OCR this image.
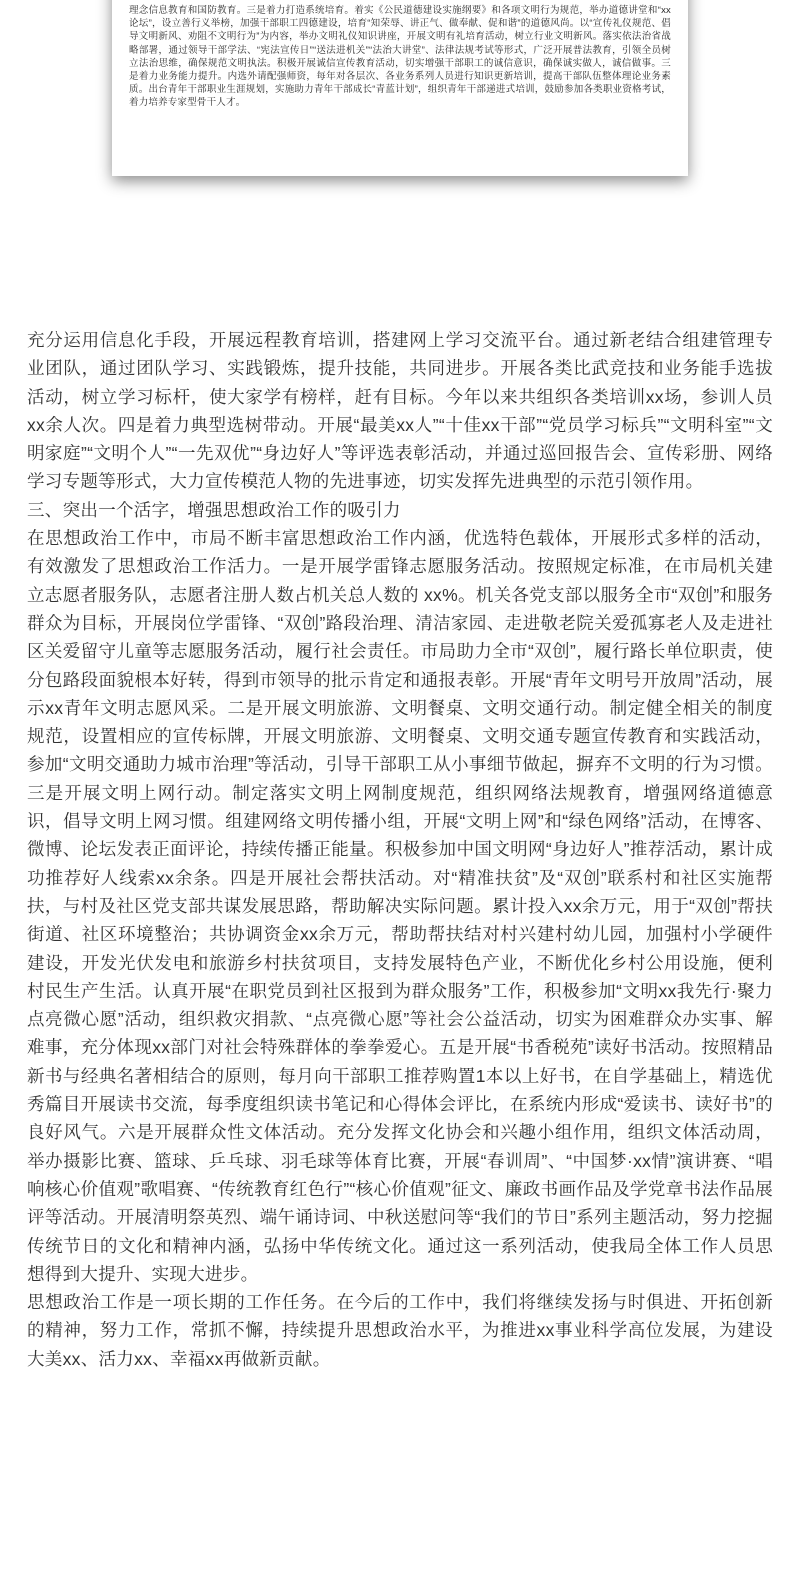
理念信息教育和国防教育。三是着力打造系统培育。着实《公民道德建设实施纲要》和各项文明行为规范，举办道德讲堂和“xx论坛”，设立善行义举榜，加强干部职工四德建设，培育“知荣辱、讲正气、做奉献、促和谐”的道德风尚。以“宣传礼仪规范、倡导文明新风、劝阻不文明行为”为内容，举办文明礼仪知识讲座，开展文明有礼培育活动，树立行业文明新风。落实依法治省战略部署，通过领导干部学法、“宪法宣传日”“送法进机关”“法治大讲堂”、法律法规考试等形式，广泛开展普法教育，引领全员树立法治思维，确保规范文明执法。积极开展诚信宣传教育活动，切实增强干部职工的诚信意识，确保诚实做人，诚信做事。三是着力业务能力提升。内选外请配强师资，每年对各层次、各业务系列人员进行知识更新培训，提高干部队伍整体理论业务素质。出台青年干部职业生涯规划，实施助力青年干部成长“青蓝计划”，组织青年干部递进式培训，鼓励参加各类职业资格考试，着力培养专家型骨干人才。

充分运用信息化手段，开展远程教育培训，搭建网上学习交流平台。通过新老结合组建管理专业团队，通过团队学习、实践锻炼，提升技能，共同进步。开展各类比武竞技和业务能手选拔活动，树立学习标杆，使大家学有榜样，赶有目标。今年以来共组织各类培训xx场，参训人员xx余人次。四是着力典型选树带动。开展“最美xx人”“十佳xx干部”“党员学习标兵”“文明科室”“文明家庭”“文明个人”“一先双优”“身边好人”等评选表彰活动，并通过巡回报告会、宣传彩册、网络学习专题等形式，大力宣传模范人物的先进事迹，切实发挥先进典型的示范引领作用。

三、突出一个活字，增强思想政治工作的吸引力

在思想政治工作中，市局不断丰富思想政治工作内涵，优选特色载体，开展形式多样的活动，有效激发了思想政治工作活力。一是开展学雷锋志愿服务活动。按照规定标准，在市局机关建立志愿者服务队，志愿者注册人数占机关总人数的 xx%。机关各党支部以服务全市“双创”和服务群众为目标，开展岗位学雷锋、“双创”路段治理、清洁家园、走进敬老院关爱孤寡老人及走进社区关爱留守儿童等志愿服务活动，履行社会责任。市局助力全市“双创”，履行路长单位职责，使分包路段面貌根本好转，得到市领导的批示肯定和通报表彰。开展“青年文明号开放周”活动，展示xx青年文明志愿风采。二是开展文明旅游、文明餐桌、文明交通行动。制定健全相关的制度规范，设置相应的宣传标牌，开展文明旅游、文明餐桌、文明交通专题宣传教育和实践活动，参加“文明交通助力城市治理”等活动，引导干部职工从小事细节做起，摒弃不文明的行为习惯。三是开展文明上网行动。制定落实文明上网制度规范，组织网络法规教育，增强网络道德意识，倡导文明上网习惯。组建网络文明传播小组，开展“文明上网”和“绿色网络”活动，在博客、微博、论坛发表正面评论，持续传播正能量。积极参加中国文明网“身边好人”推荐活动，累计成功推荐好人线索xx余条。四是开展社会帮扶活动。对“精准扶贫”及“双创”联系村和社区实施帮扶，与村及社区党支部共谋发展思路，帮助解决实际问题。累计投入xx余万元，用于“双创”帮扶街道、社区环境整治；共协调资金xx余万元，帮助帮扶结对村兴建村幼儿园，加强村小学硬件建设，开发光伏发电和旅游乡村扶贫项目，支持发展特色产业，不断优化乡村公用设施，便利村民生产生活。认真开展“在职党员到社区报到为群众服务”工作，积极参加“文明xx我先行·聚力点亮微心愿”活动，组织救灾捐款、“点亮微心愿”等社会公益活动，切实为困难群众办实事、解难事，充分体现xx部门对社会特殊群体的拳拳爱心。五是开展“书香税苑”读好书活动。按照精品新书与经典名著相结合的原则，每月向干部职工推荐购置1本以上好书，在自学基础上，精选优秀篇目开展读书交流，每季度组织读书笔记和心得体会评比，在系统内形成“爱读书、读好书”的良好风气。六是开展群众性文体活动。充分发挥文化协会和兴趣小组作用，组织文体活动周，举办摄影比赛、篮球、乒乓球、羽毛球等体育比赛，开展“春训周”、“中国梦·xx情”演讲赛、“唱响核心价值观”歌唱赛、“传统教育红色行”“核心价值观”征文、廉政书画作品及学党章书法作品展评等活动。开展清明祭英烈、端午诵诗词、中秋送慰问等“我们的节日”系列主题活动，努力挖掘传统节日的文化和精神内涵，弘扬中华传统文化。通过这一系列活动，使我局全体工作人员思想得到大提升、实现大进步。

思想政治工作是一项长期的工作任务。在今后的工作中，我们将继续发扬与时俱进、开拓创新的精神，努力工作，常抓不懈，持续提升思想政治水平，为推进xx事业科学高位发展，为建设大美xx、活力xx、幸福xx再做新贡献。
